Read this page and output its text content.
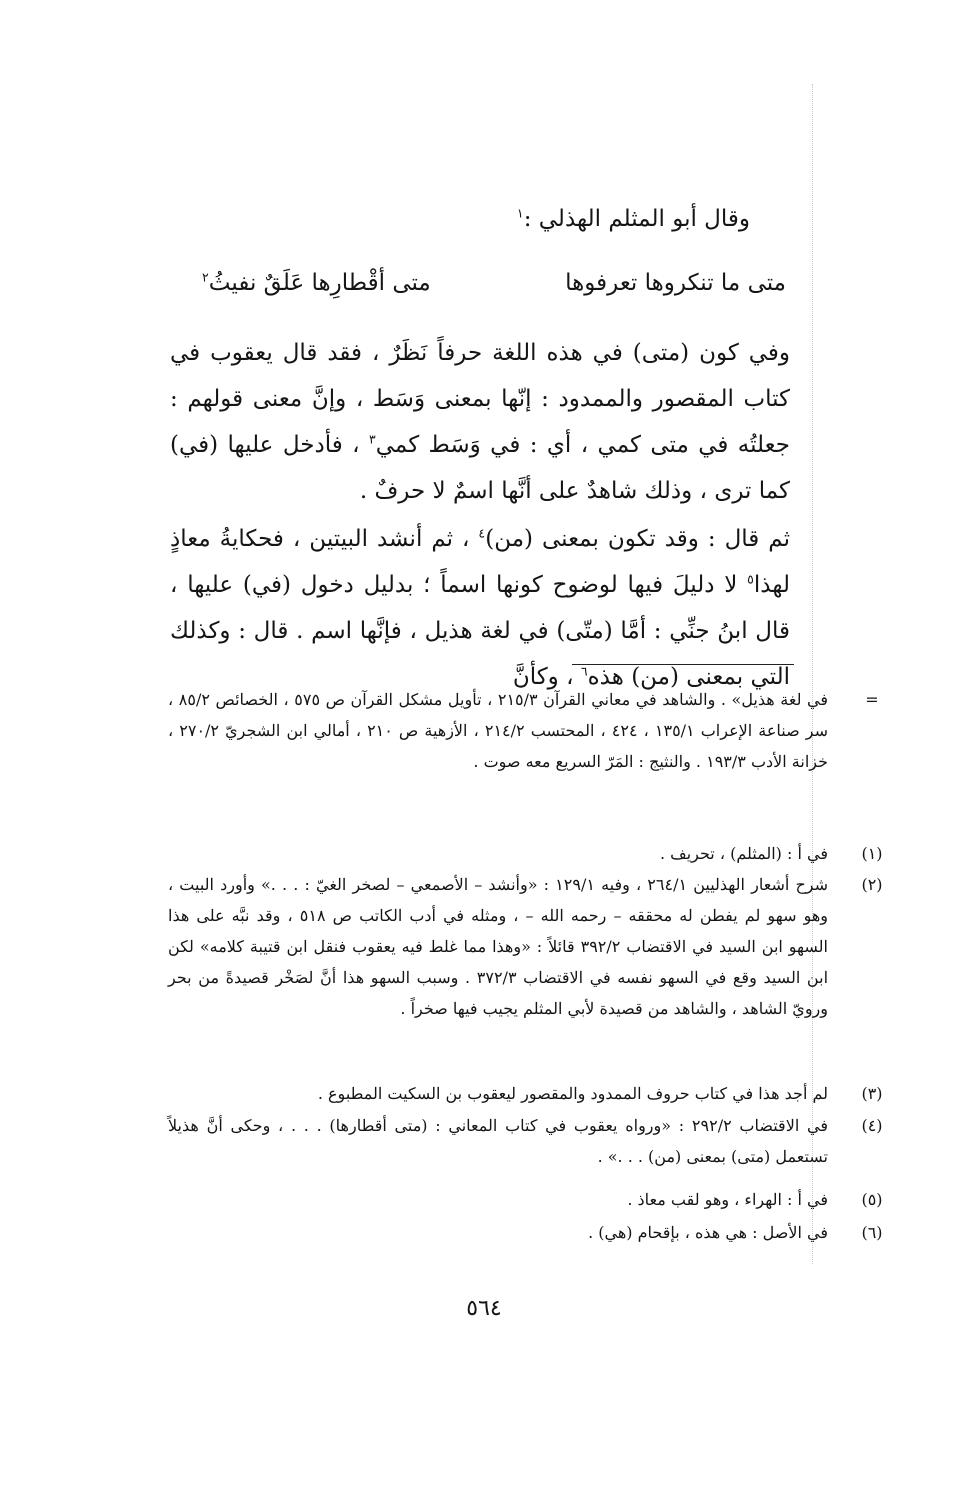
وقال أبو المثلم الهذلي :$^١$
متى ما تنكروها تعرفوها
متى أقْطارِها عَلَقٌ نفيثُ$^٢$
وفي كون (متى) في هذه اللغة حرفاً نَظَرٌ ، فقد قال يعقوب في كتاب المقصور والممدود : إنّها بمعنى وَسَط ، وإنَّ معنى قولهم : جعلتُه في متى كمي ، أي : في وَسَط كمي$^٣$ ، فأدخل عليها (في) كما ترى ، وذلك شاهدٌ على أنَّها اسمٌ لا حرفٌ .
ثم قال : وقد تكون بمعنى (من)$^٤$ ، ثم أنشد البيتين ، فحكايةُ معاذٍ لهذا$^٥$ لا دليلَ فيها لوضوح كونها اسماً ؛ بدليل دخول (في) عليها ، قال ابنُ جنِّي : أمَّا (متّى) في لغة هذيل ، فإنَّها اسم . قال : وكذلك التي بمعنى (من) هذه$^٦$ ، وكأنَّ
=
في لغة هذيل» . والشاهد في معاني القرآن ٢١٥/٣ ، تأويل مشكل القرآن ص ٥٧٥ ، الخصائص ٨٥/٢ ، سر صناعة الإعراب ١٣٥/١ ، ٤٢٤ ، المحتسب ٢١٤/٢ ، الأزهية ص ٢١٠ ، أمالي ابن الشجريّ ٢٧٠/٢ ، خزانة الأدب ١٩٣/٣ . والنثيج : المَرّ السريع معه صوت .
(١)
في أ : (المثلم) ، تحريف .
(٢)
شرح أشعار الهذليين ٢٦٤/١ ، وفيه ١٢٩/١ : «وأنشد – الأصمعي – لصخر الغيّ : . . .» وأورد البيت ، وهو سهو لم يفطن له محققه – رحمه الله – ، ومثله في أدب الكاتب ص ٥١٨ ، وقد نبَّه على هذا السهو ابن السيد في الاقتضاب ٣٩٢/٢ قائلاً : «وهذا مما غلط فيه يعقوب فنقل ابن قتيبة كلامه» لكن ابن السيد وقع في السهو نفسه في الاقتضاب ٣٧٢/٣ . وسبب السهو هذا أنَّ لصَخْر قصيدةً من بحر ورويّ الشاهد ، والشاهد من قصيدة لأبي المثلم يجيب فيها صخراً .
(٣)
لم أجد هذا في كتاب حروف الممدود والمقصور ليعقوب بن السكيت المطبوع .
(٤)
في الاقتضاب ٢٩٢/٢ : «ورواه يعقوب في كتاب المعاني : (متى أقطارها) . . . ، وحكى أنَّ هذيلاً تستعمل (متى) بمعنى (من) . . .» .
(٥)
في أ : الهراء ، وهو لقب معاذ .
(٦)
في الأصل : هي هذه ، بإقحام (هي) .
٥٦٤
